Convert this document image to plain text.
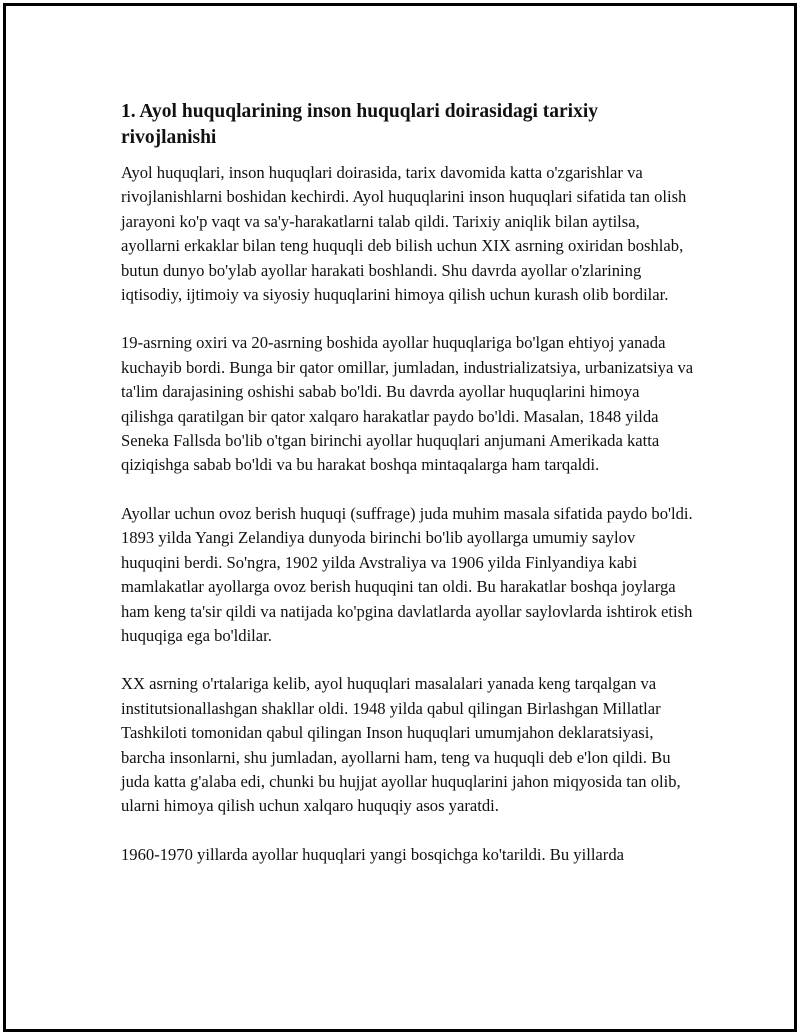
1. Ayol huquqlarining inson huquqlari doirasidagi tarixiy rivojlanishi

Ayol huquqlari, inson huquqlari doirasida, tarix davomida katta o'zgarishlar va rivojlanishlarni boshidan kechirdi. Ayol huquqlarini inson huquqlari sifatida tan olish jarayoni ko'p vaqt va sa'y-harakatlarni talab qildi. Tarixiy aniqlik bilan aytilsa, ayollarni erkaklar bilan teng huquqli deb bilish uchun XIX asrning oxiridan boshlab, butun dunyo bo'ylab ayollar harakati boshlandi. Shu davrda ayollar o'zlarining iqtisodiy, ijtimoiy va siyosiy huquqlarini himoya qilish uchun kurash olib bordilar.

19-asrning oxiri va 20-asrning boshida ayollar huquqlariga bo'lgan ehtiyoj yanada kuchayib bordi. Bunga bir qator omillar, jumladan, industrializatsiya, urbanizatsiya va ta'lim darajasining oshishi sabab bo'ldi. Bu davrda ayollar huquqlarini himoya qilishga qaratilgan bir qator xalqaro harakatlar paydo bo'ldi. Masalan, 1848 yilda Seneka Fallsda bo'lib o'tgan birinchi ayollar huquqlari anjumani Amerikada katta qiziqishga sabab bo'ldi va bu harakat boshqa mintaqalarga ham tarqaldi.

Ayollar uchun ovoz berish huquqi (suffrage) juda muhim masala sifatida paydo bo'ldi. 1893 yilda Yangi Zelandiya dunyoda birinchi bo'lib ayollarga umumiy saylov huquqini berdi. So'ngra, 1902 yilda Avstraliya va 1906 yilda Finlyandiya kabi mamlakatlar ayollarga ovoz berish huquqini tan oldi. Bu harakatlar boshqa joylarga ham keng ta'sir qildi va natijada ko'pgina davlatlarda ayollar saylovlarda ishtirok etish huquqiga ega bo'ldilar.

XX asrning o'rtalariga kelib, ayol huquqlari masalalari yanada keng tarqalgan va institutsionallashgan shakllar oldi. 1948 yilda qabul qilingan Birlashgan Millatlar Tashkiloti tomonidan qabul qilingan Inson huquqlari umumjahon deklaratsiyasi, barcha insonlarni, shu jumladan, ayollarni ham, teng va huquqli deb e'lon qildi. Bu juda katta g'alaba edi, chunki bu hujjat ayollar huquqlarini jahon miqyosida tan olib, ularni himoya qilish uchun xalqaro huquqiy asos yaratdi.

1960-1970 yillarda ayollar huquqlari yangi bosqichga ko'tarildi. Bu yillarda
